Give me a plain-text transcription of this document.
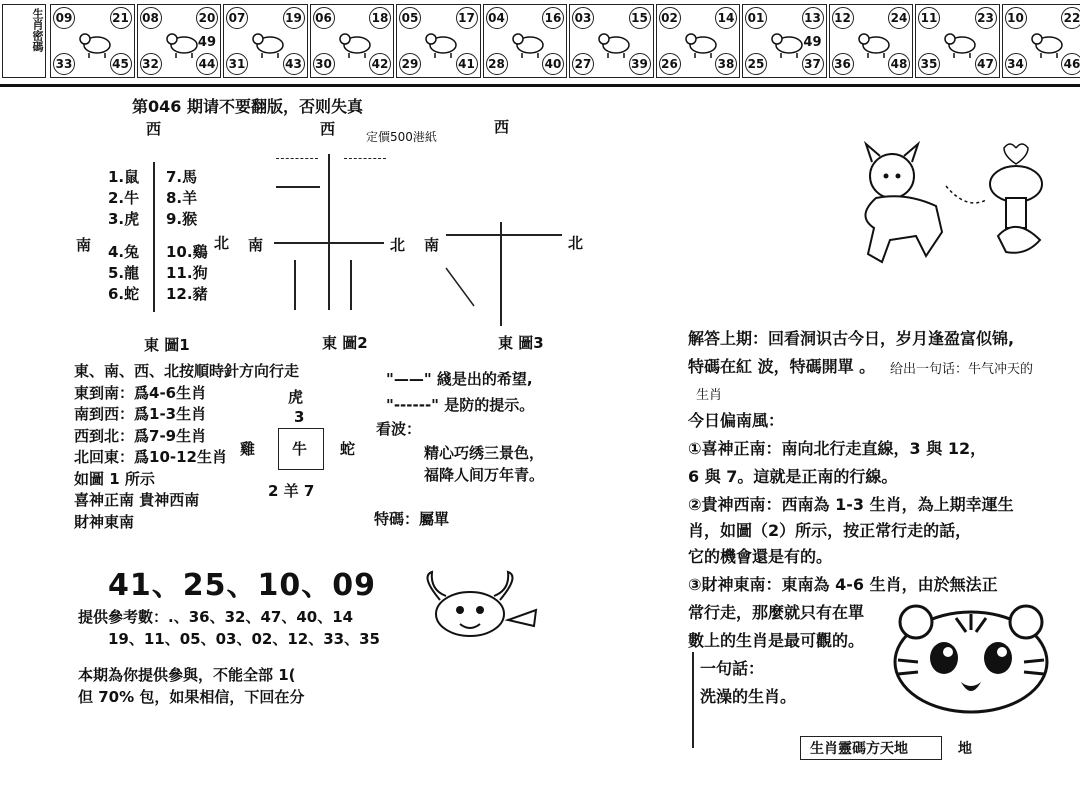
生肖密碼 09	21
33	45
08	20
32	44
49
07	19
31	43
06	18
30	42
05	17
29	41
04	16
28	40
03	15
27	39
02	14
26	38
01	13
25	37
49
12	24
36	48
11	23
35	47
10	22
34	46
第046 期请不要翻版，否则失真
定價500港紙
西	西	西
1.鼠 7.馬
2.牛 8.羊
3.虎 9.猴
4.兔 10.鷄
5.龍 11.狗
6.蛇 12.豬
南	北
東 圖1
南	北
東 圖2
南	北
東 圖3
東、南、西、北按順時針方向行走
東到南：爲4-6生肖
南到西：爲1-3生肖
西到北：爲7-9生肖
北回東：爲10-12生肖
如圖 1 所示
喜神正南 貴神西南
財神東南
"——" 綫是出的希望,
"------" 是防的提示。
虎
3
雞 牛 蛇
2 羊 7
看波：
精心巧绣三景色，
福降人间万年青。
特碼：屬單
41、25、10、09
提供參考數：.、36、32、47、40、14
19、11、05、03、02、12、33、35
本期為你提供參與，不能全部 1(
但 70% 包，如果相信，下回在分
解答上期：回看洞识古今日，岁月逢盈富似锦,
特碼在紅 波，特碼開單 。 给出一句话：牛气冲天的
生肖
今日偏南風：
①喜神正南：南向北行走直線，3 與 12，
6 與 7。這就是正南的行線。
②貴神西南：西南為 1-3 生肖，為上期幸運生
肖，如圖（2）所示，按正常行走的話，
它的機會還是有的。
③財神東南：東南為 4-6 生肖，由於無法正
常行走，那麼就只有在單
數上的生肖是最可觀的。
一句話：
洗澡的生肖。
生肖靈碼方天地	地
